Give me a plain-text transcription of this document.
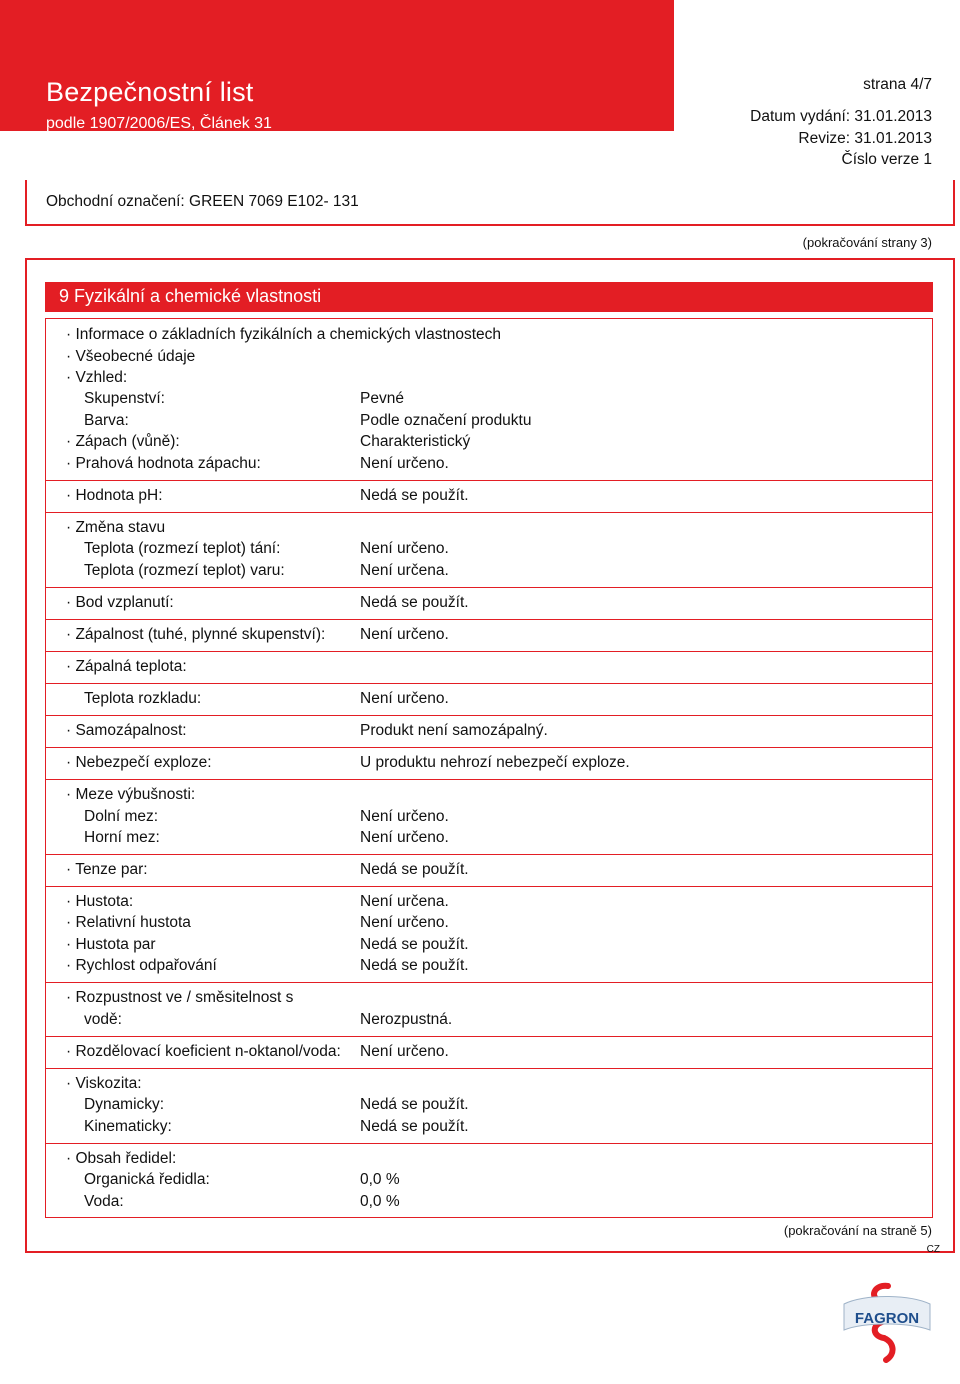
Bezpečnostní list
podle 1907/2006/ES, Článek 31
strana 4/7
Datum vydání: 31.01.2013
Revize: 31.01.2013
Číslo verze 1
Obchodní označení: GREEN 7069 E102- 131
(pokračování strany 3)
9 Fyzikální a chemické vlastnosti
· Informace o základních fyzikálních a chemických vlastnostech
· Všeobecné údaje
· Vzhled:
Skupenství:	Pevné
Barva:	Podle označení produktu
· Zápach (vůně):	Charakteristický
· Prahová hodnota zápachu:	Není určeno.
· Hodnota pH:	Nedá se použít.
· Změna stavu
Teplota (rozmezí teplot) tání:	Není určeno.
Teplota (rozmezí teplot) varu:	Není určena.
· Bod vzplanutí:	Nedá se použít.
· Zápalnost (tuhé, plynné skupenství): Není určeno.
· Zápalná teplota:
Teplota rozkladu:	Není určeno.
· Samozápalnost:	Produkt není samozápalný.
· Nebezpečí exploze:	U produktu nehrozí nebezpečí exploze.
· Meze výbušnosti:
Dolní mez:	Není určeno.
Horní mez:	Není určeno.
· Tenze par:	Nedá se použít.
· Hustota:	Není určena.
· Relativní hustota	Není určeno.
· Hustota par	Nedá se použít.
· Rychlost odpařování	Nedá se použít.
· Rozpustnost ve / směsitelnost s
vodě:	Nerozpustná.
· Rozdělovací koeficient n-oktanol/voda: Není určeno.
· Viskozita:
Dynamicky:	Nedá se použít.
Kinematicky:	Nedá se použít.
· Obsah ředidel:
Organická ředidla:	0,0 %
Voda:	0,0 %
(pokračování na straně 5)
CZ
FAGRON
